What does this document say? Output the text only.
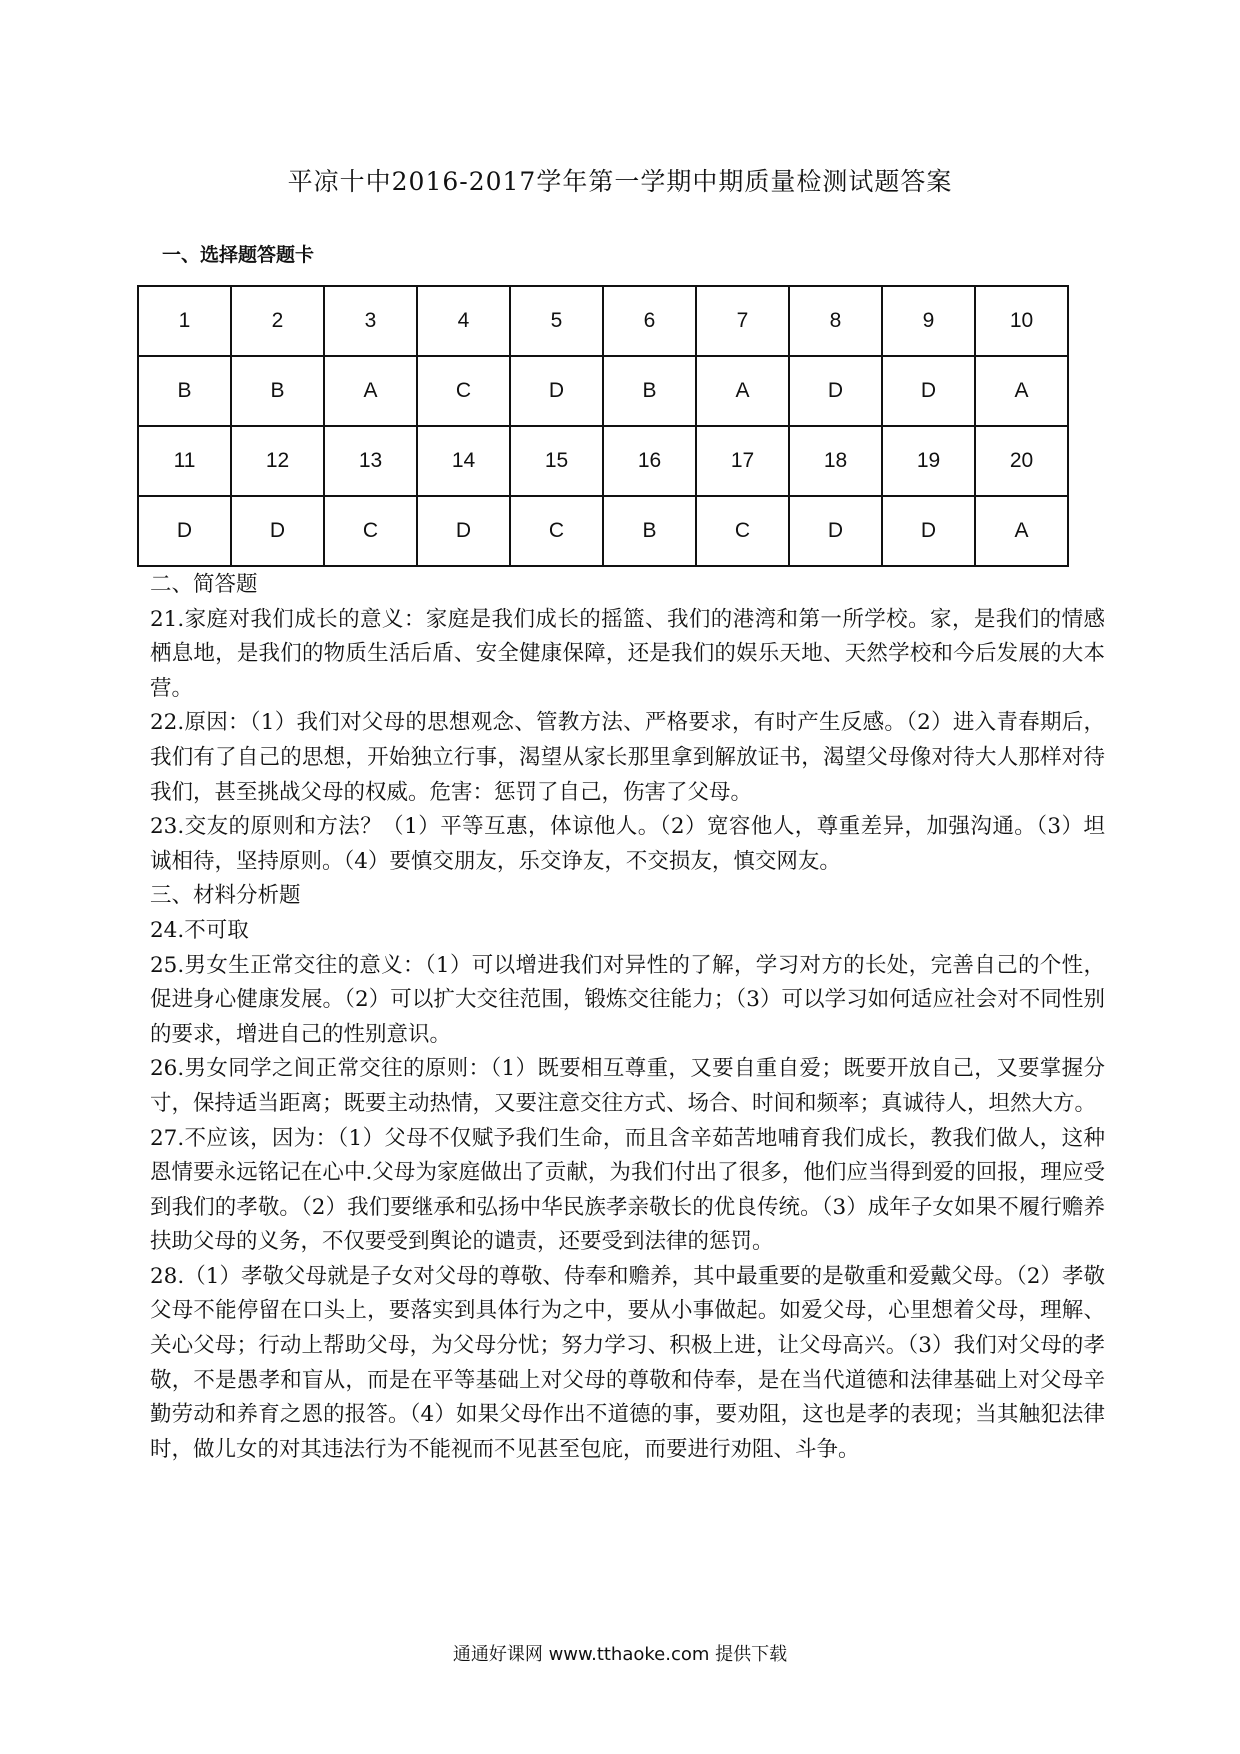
平凉十中2016-2017学年第一学期中期质量检测试题答案
一、选择题答题卡
1	2	3	4	5	6	7	8	9	10
B	B	A	C	D	B	A	D	D	A
11	12	13	14	15	16	17	18	19	20
D	D	C	D	C	B	C	D	D	A

二、简答题

21.家庭对我们成长的意义：家庭是我们成长的摇篮、我们的港湾和第一所学校。家，是我们的情感栖息地，是我们的物质生活后盾、安全健康保障，还是我们的娱乐天地、天然学校和今后发展的大本营。

22.原因：（1）我们对父母的思想观念、管教方法、严格要求，有时产生反感。（2）进入青春期后，我们有了自己的思想，开始独立行事，渴望从家长那里拿到解放证书，渴望父母像对待大人那样对待我们，甚至挑战父母的权威。危害：惩罚了自己，伤害了父母。

23.交友的原则和方法？（1）平等互惠，体谅他人。（2）宽容他人，尊重差异，加强沟通。（3）坦诚相待，坚持原则。（4）要慎交朋友，乐交诤友，不交损友，慎交网友。

三、材料分析题

24.不可取

25.男女生正常交往的意义：（1）可以增进我们对异性的了解，学习对方的长处，完善自己的个性，促进身心健康发展。（2）可以扩大交往范围，锻炼交往能力；（3）可以学习如何适应社会对不同性别的要求，增进自己的性别意识。

26.男女同学之间正常交往的原则：（1）既要相互尊重，又要自重自爱；既要开放自己，又要掌握分寸，保持适当距离；既要主动热情，又要注意交往方式、场合、时间和频率；真诚待人，坦然大方。

27.不应该，因为：（1）父母不仅赋予我们生命，而且含辛茹苦地哺育我们成长，教我们做人，这种恩情要永远铭记在心中.父母为家庭做出了贡献，为我们付出了很多，他们应当得到爱的回报，理应受到我们的孝敬。（2）我们要继承和弘扬中华民族孝亲敬长的优良传统。（3）成年子女如果不履行赡养扶助父母的义务，不仅要受到舆论的谴责，还要受到法律的惩罚。

28.（1）孝敬父母就是子女对父母的尊敬、侍奉和赡养，其中最重要的是敬重和爱戴父母。（2）孝敬父母不能停留在口头上，要落实到具体行为之中，要从小事做起。如爱父母，心里想着父母，理解、关心父母；行动上帮助父母，为父母分忧；努力学习、积极上进，让父母高兴。（3）我们对父母的孝敬，不是愚孝和盲从，而是在平等基础上对父母的尊敬和侍奉，是在当代道德和法律基础上对父母辛勤劳动和养育之恩的报答。（4）如果父母作出不道德的事，要劝阻，这也是孝的表现；当其触犯法律时，做儿女的对其违法行为不能视而不见甚至包庇，而要进行劝阻、斗争。

通通好课网 www.tthaoke.com 提供下载
